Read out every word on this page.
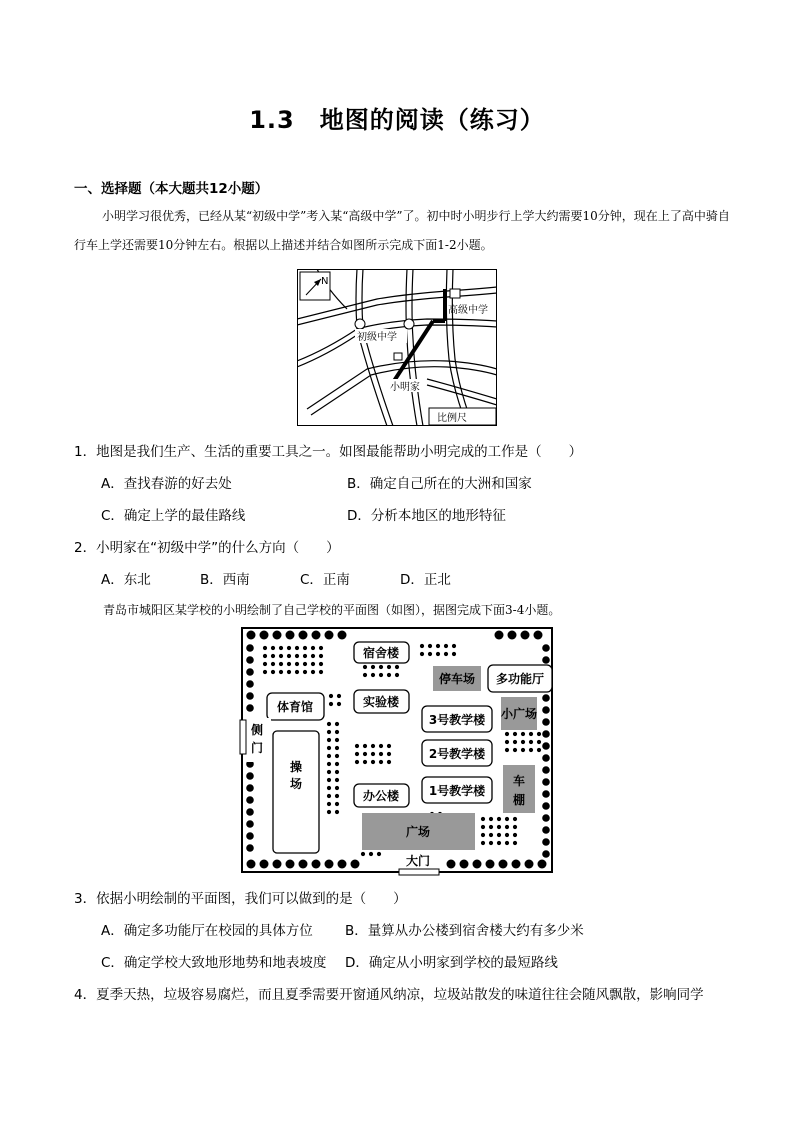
1.3　地图的阅读（练习）
一、选择题（本大题共12小题）
小明学习很优秀，已经从某“初级中学”考入某“高级中学”了。初中时小明步行上学大约需要10分钟，现在上了高中骑自行车上学还需要10分钟左右。根据以上描述并结合如图所示完成下面1-2小题。
N
高级中学
初级中学
小明家
比例尺
1．地图是我们生产、生活的重要工具之一。如图最能帮助小明完成的工作是（　　）
A．查找春游的好去处	B．确定自己所在的大洲和国家
C．确定上学的最佳路线	D．分析本地区的地形特征
2．小明家在“初级中学”的什么方向（　　）
A．东北	B．西南	C．正南	D．正北
青岛市城阳区某学校的小明绘制了自己学校的平面图（如图），据图完成下面3-4小题。
停车场
小广场
车
棚
广场
宿舍楼
多功能厅
体育馆	实验楼
3号教学楼
2号教学楼
操
场
办公楼 1号教学楼
侧
门
大门
3．依据小明绘制的平面图，我们可以做到的是（　　）
A．确定多功能厅在校园的具体方位 B．量算从办公楼到宿舍楼大约有多少米
C．确定学校大致地形地势和地表坡度 D．确定从小明家到学校的最短路线
4．夏季天热，垃圾容易腐烂，而且夏季需要开窗通风纳凉，垃圾站散发的味道往往会随风飘散，影响同学
